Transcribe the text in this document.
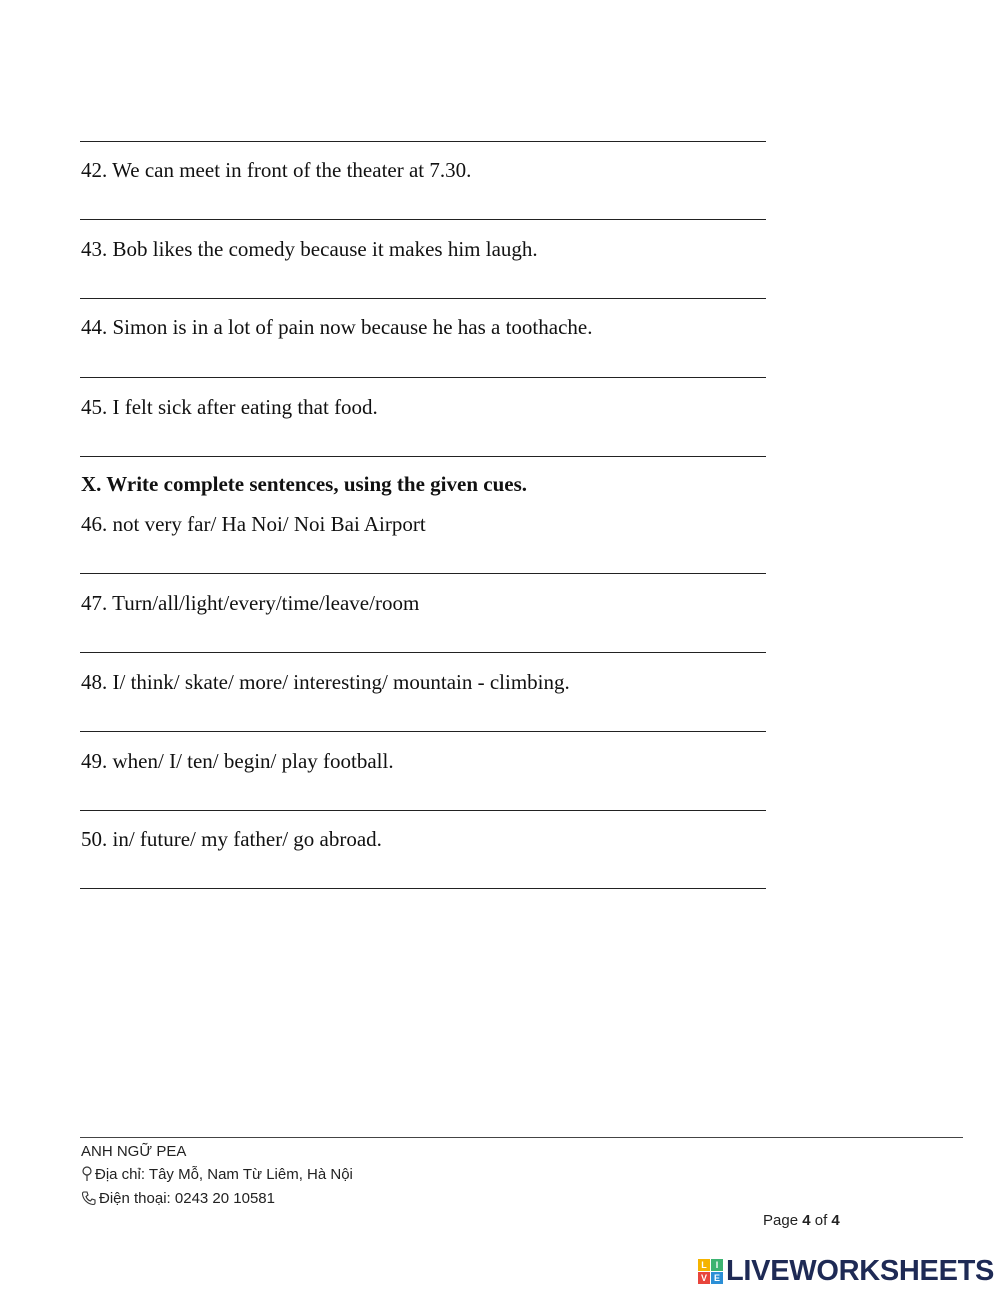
42. We can meet in front of the theater at 7.30.
43. Bob likes the comedy because it makes him laugh.
44. Simon is in a lot of pain now because he has a toothache.
45. I felt sick after eating that food.
X. Write complete sentences, using the given cues.
46. not very far/ Ha Noi/ Noi Bai Airport
47. Turn/all/light/every/time/leave/room
48. I/ think/ skate/ more/ interesting/ mountain - climbing.
49. when/ I/ ten/ begin/ play football.
50. in/ future/ my father/ go abroad.
ANH NGỮ PEA
Địa chỉ: Tây Mỗ, Nam Từ Liêm, Hà Nội
Điện thoại: 0243 20 10581
Page 4 of 4
L I
V E LIVEWORKSHEETS
